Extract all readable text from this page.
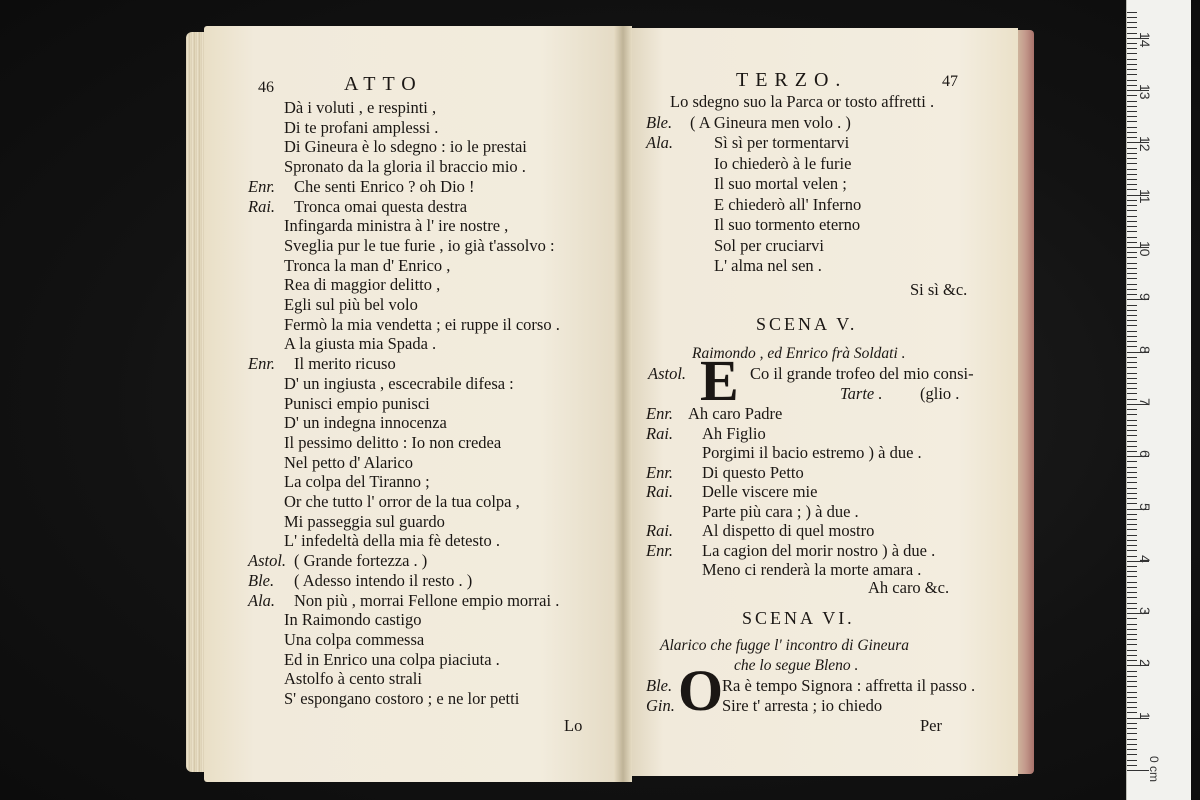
46	ATTO
Dà i voluti , e respinti ,
Di te profani amplessi .
Di Gineura è lo sdegno : io le prestai
Spronato da la gloria il braccio mio .
Enr. Che senti Enrico ? oh Dio !
Rai. Tronca omai questa destra
Infingarda ministra à l' ire nostre ,
Sveglia pur le tue furie , io già t'assolvo :
Tronca la man d' Enrico ,
Rea di maggior delitto ,
Egli sul più bel volo
Fermò la mia vendetta ; ei ruppe il corso .
A la giusta mia Spada .
Enr. Il merito ricuso
D' un ingiusta , escecrabile difesa :
Punisci empio punisci
D' un indegna innocenza
Il pessimo delitto : Io non credea
Nel petto d' Alarico
La colpa del Tiranno ;
Or che tutto l' orror de la tua colpa ,
Mi passeggia sul guardo
L' infedeltà della mia fè detesto .
Astol. ( Grande fortezza . )
Ble. ( Adesso intendo il resto . )
Ala. Non più , morrai Fellone empio morrai .
In Raimondo castigo
Una colpa commessa
Ed in Enrico una colpa piaciuta .
Astolfo à cento strali
S' espongano costoro ; e ne lor petti
Lo
TERZO.	47
Lo sdegno suo la Parca or tosto affretti .
Ble. ( A Gineura men volo . )
Ala. Sì sì per tormentarvi
Io chiederò à le furie
Il suo mortal velen ;
E chiederò all' Inferno
Il suo tormento eterno
Sol per cruciarvi
L' alma nel sen .
Si sì &c.
SCENA V.
Raimondo , ed Enrico frà Soldati .
Astol. E Co il grande trofeo del mio consi-
Tarte . (glio .
Enr. Ah caro Padre
Rai. Ah Figlio
Porgimi il bacio estremo ) à due .
Enr. Di questo Petto
Rai. Delle viscere mie
Parte più cara ; ) à due .
Rai. Al dispetto di quel mostro
Enr. La cagion del morir nostro ) à due .
Meno ci renderà la morte amara .
Ah caro &c.
SCENA VI.
Alarico che fugge l' incontro di Gineura
che lo segue Bleno .
Ble.
Gin. O
Ra è tempo Signora : affretta il passo .
Sire t' arresta ; io chiedo
Per
1
2
3
4
5
6
7
8
9
10
11
12
13
14
0 cm
